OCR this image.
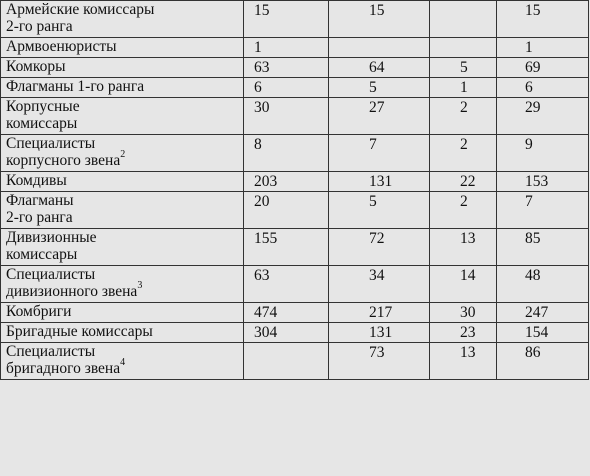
Армейские комиссары
2-го ранга	15	15		15
Армвоенюристы	1			1
Комкоры	63	64	5	69
Флагманы 1-го ранга	6	5	1	6
Корпусные
комиссары	30	27	2	29
Специалисты
корпусного звена$^2$	8	7	2	9
Комдивы	203	131	22	153
Флагманы
2-го ранга	20	5	2	7
Дивизионные
комиссары	155	72	13	85
Специалисты
дивизионного звена$^3$	63	34	14	48
Комбриги	474	217	30	247
Бригадные комиссары	304	131	23	154
Специалисты
бригадного звена$^4$		73	13	86
